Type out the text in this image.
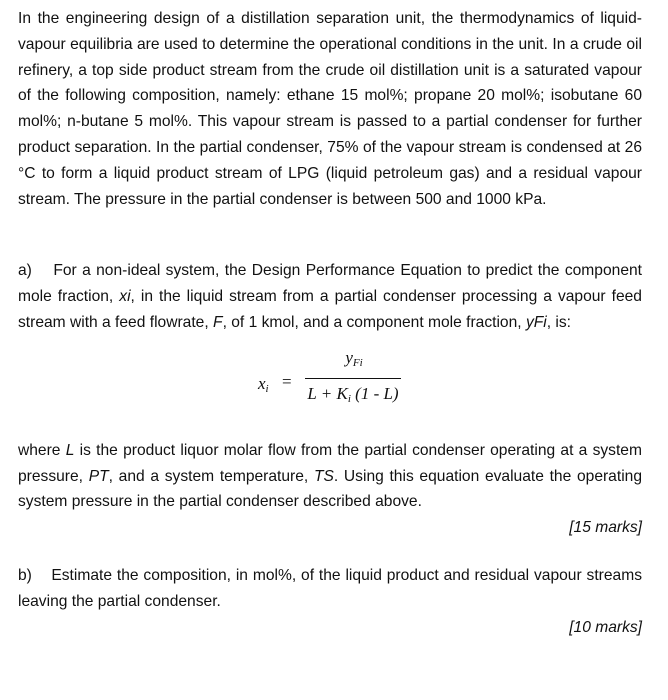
In the engineering design of a distillation separation unit, the thermodynamics of liquid-vapour equilibria are used to determine the operational conditions in the unit. In a crude oil refinery, a top side product stream from the crude oil distillation unit is a saturated vapour of the following composition, namely: ethane 15 mol%; propane 20 mol%; isobutane 60 mol%; n-butane 5 mol%. This vapour stream is passed to a partial condenser for further product separation. In the partial condenser, 75% of the vapour stream is condensed at 26 °C to form a liquid product stream of LPG (liquid petroleum gas) and a residual vapour stream. The pressure in the partial condenser is between 500 and 1000 kPa.

a) For a non-ideal system, the Design Performance Equation to predict the component mole fraction, xi, in the liquid stream from a partial condenser processing a vapour feed stream with a feed flowrate, F, of 1 kmol, and a component mole fraction, yFi, is:

xi =
yFi
L + Ki (1 - L)

where L is the product liquor molar flow from the partial condenser operating at a system pressure, PT, and a system temperature, TS. Using this equation evaluate the operating system pressure in the partial condenser described above.

[15 marks]

b) Estimate the composition, in mol%, of the liquid product and residual vapour streams leaving the partial condenser.

[10 marks]
